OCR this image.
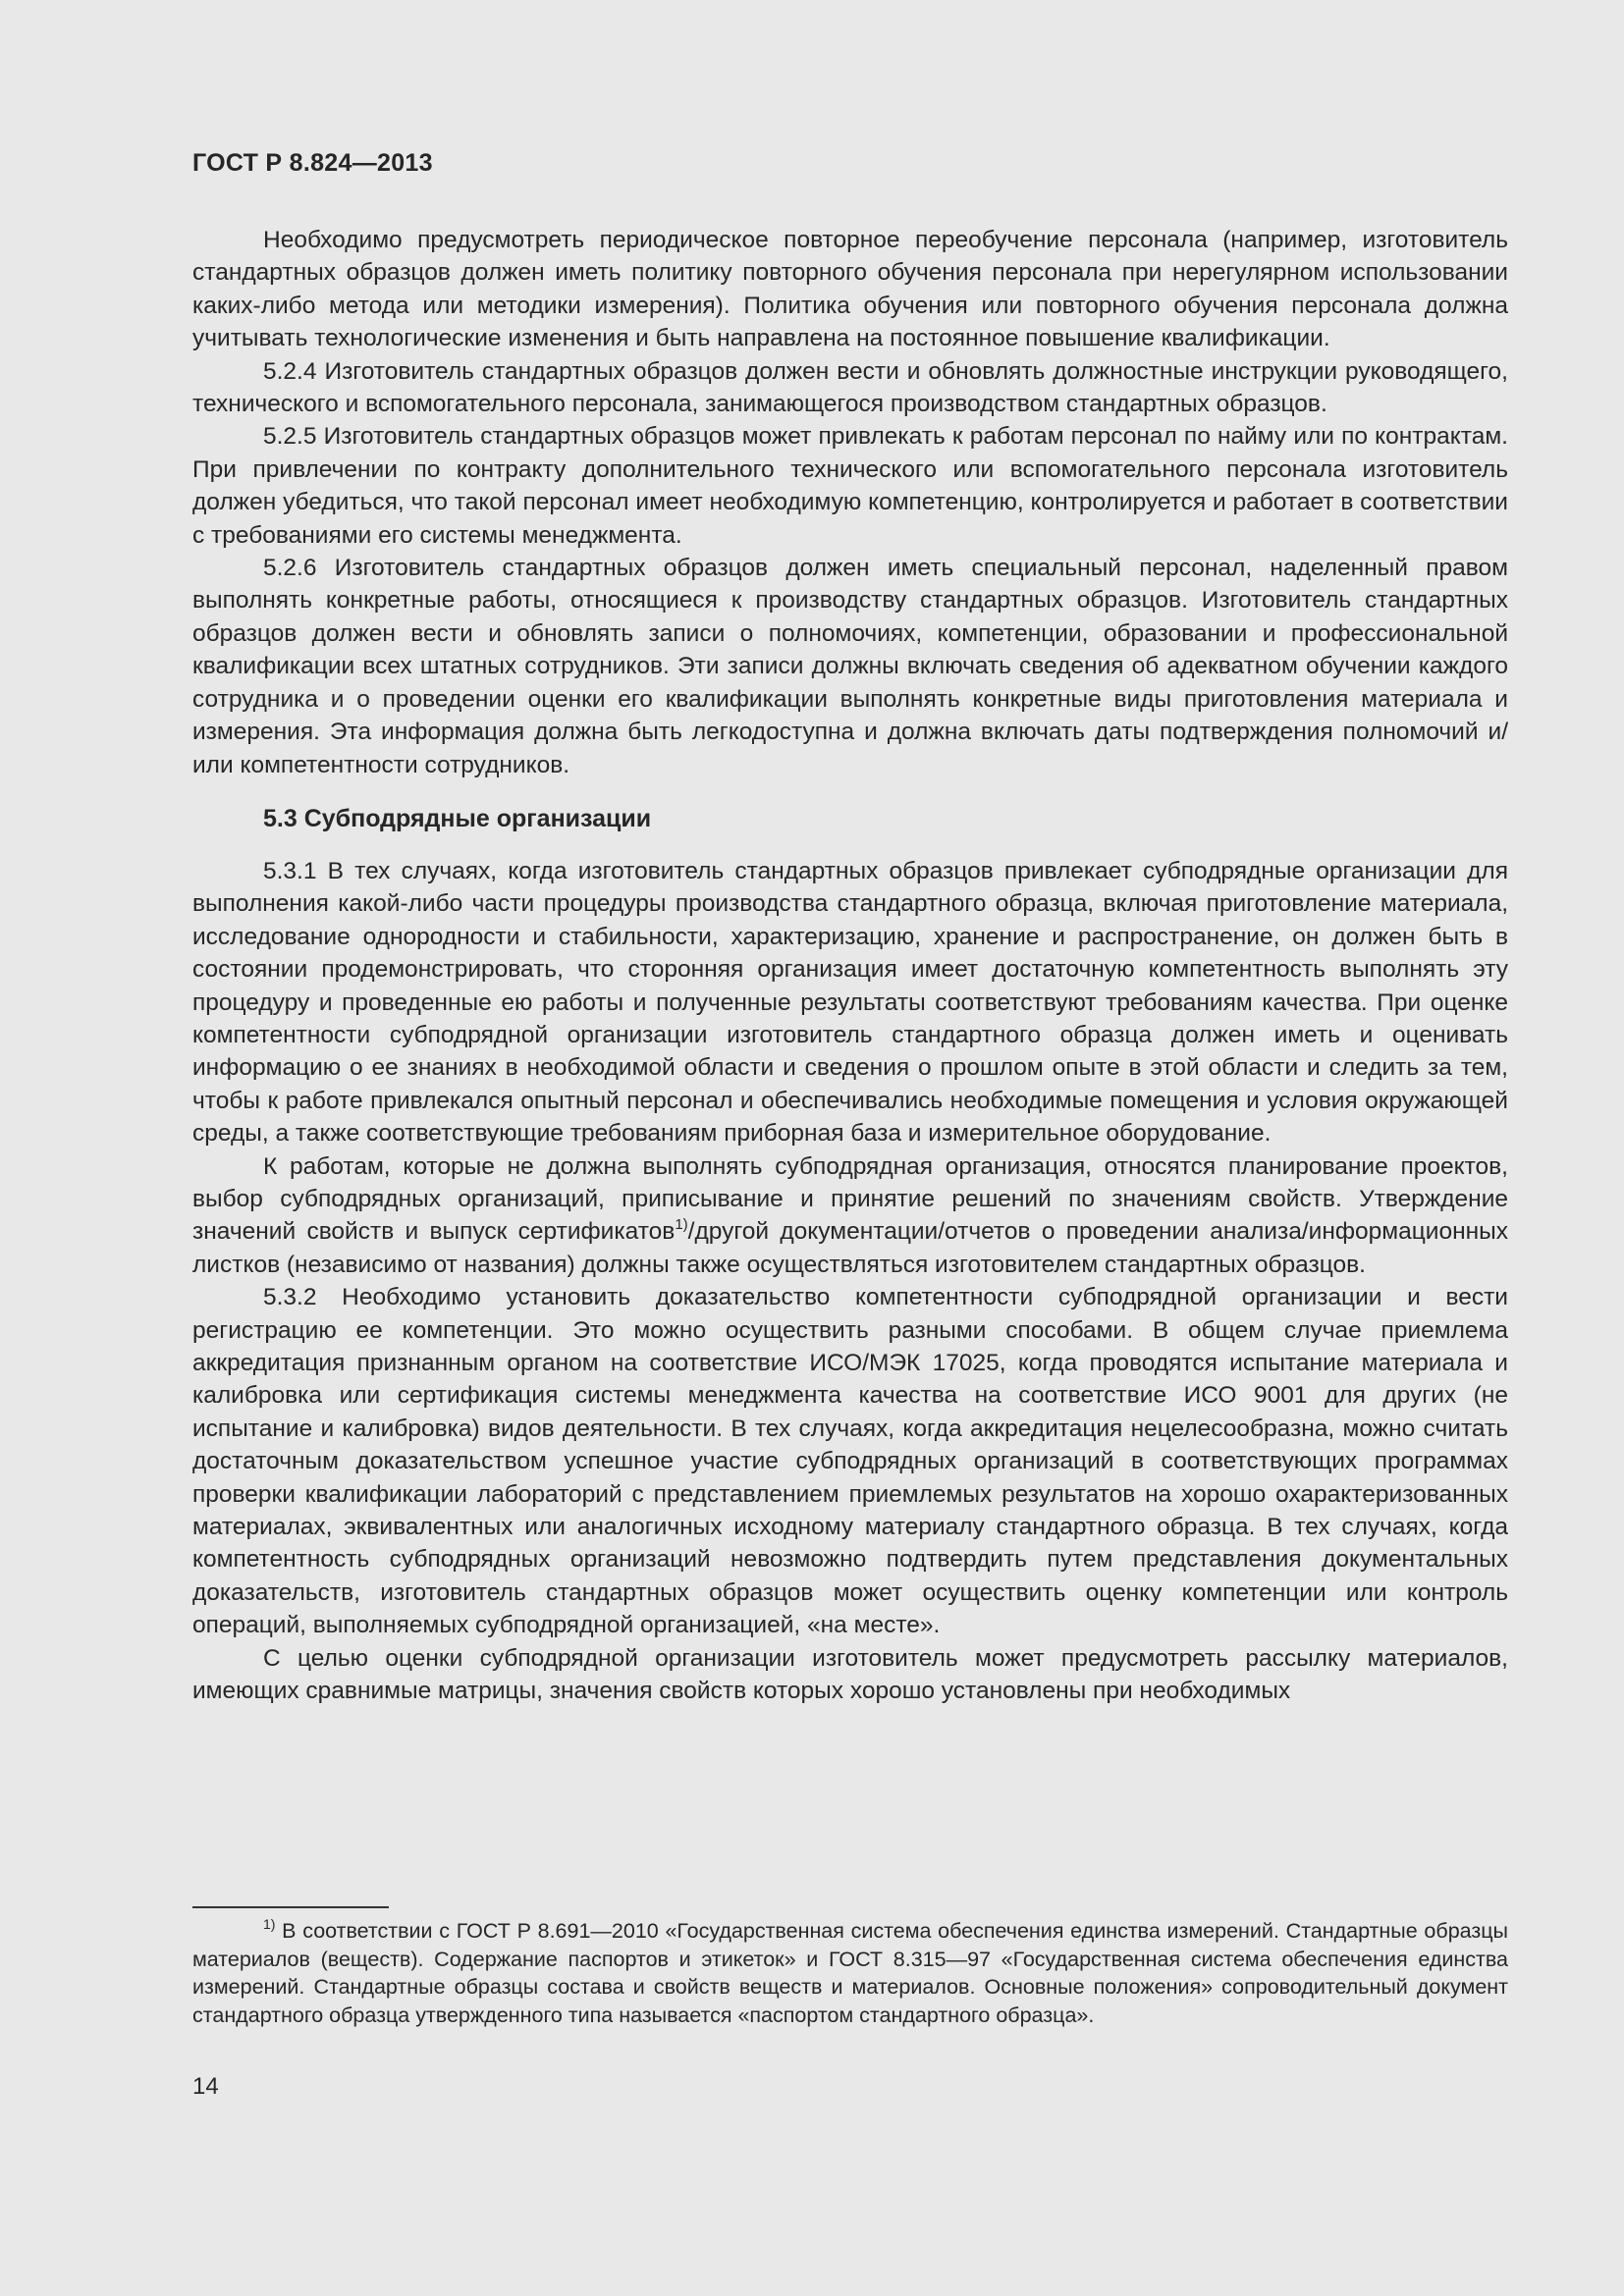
ГОСТ Р 8.824—2013

Необходимо предусмотреть периодическое повторное переобучение персонала (например, изготовитель стандартных образцов должен иметь политику повторного обучения персонала при нерегулярном использовании каких-либо метода или методики измерения). Политика обучения или повторного обучения персонала должна учитывать технологические изменения и быть направлена на постоянное повышение квалификации.

5.2.4 Изготовитель стандартных образцов должен вести и обновлять должностные инструкции руководящего, технического и вспомогательного персонала, занимающегося производством стандартных образцов.

5.2.5 Изготовитель стандартных образцов может привлекать к работам персонал по найму или по контрактам. При привлечении по контракту дополнительного технического или вспомогательного персонала изготовитель должен убедиться, что такой персонал имеет необходимую компетенцию, контролируется и работает в соответствии с требованиями его системы менеджмента.

5.2.6 Изготовитель стандартных образцов должен иметь специальный персонал, наделенный правом выполнять конкретные работы, относящиеся к производству стандартных образцов. Изготовитель стандартных образцов должен вести и обновлять записи о полномочиях, компетенции, образовании и профессиональной квалификации всех штатных сотрудников. Эти записи должны включать сведения об адекватном обучении каждого сотрудника и о проведении оценки его квалификации выполнять конкретные виды приготовления материала и измерения. Эта информация должна быть легкодоступна и должна включать даты подтверждения полномочий и/или компетентности сотрудников.

5.3 Субподрядные организации

5.3.1 В тех случаях, когда изготовитель стандартных образцов привлекает субподрядные организации для выполнения какой-либо части процедуры производства стандартного образца, включая приготовление материала, исследование однородности и стабильности, характеризацию, хранение и распространение, он должен быть в состоянии продемонстрировать, что сторонняя организация имеет достаточную компетентность выполнять эту процедуру и проведенные ею работы и полученные результаты соответствуют требованиям качества. При оценке компетентности субподрядной организации изготовитель стандартного образца должен иметь и оценивать информацию о ее знаниях в необходимой области и сведения о прошлом опыте в этой области и следить за тем, чтобы к работе привлекался опытный персонал и обеспечивались необходимые помещения и условия окружающей среды, а также соответствующие требованиям приборная база и измерительное оборудование.

К работам, которые не должна выполнять субподрядная организация, относятся планирование проектов, выбор субподрядных организаций, приписывание и принятие решений по значениям свойств. Утверждение значений свойств и выпуск сертификатов$^{1)}$/другой документации/отчетов о проведении анализа/информационных листков (независимо от названия) должны также осуществляться изготовителем стандартных образцов.

5.3.2 Необходимо установить доказательство компетентности субподрядной организации и вести регистрацию ее компетенции. Это можно осуществить разными способами. В общем случае приемлема аккредитация признанным органом на соответствие ИСО/МЭК 17025, когда проводятся испытание материала и калибровка или сертификация системы менеджмента качества на соответствие ИСО 9001 для других (не испытание и калибровка) видов деятельности. В тех случаях, когда аккредитация нецелесообразна, можно считать достаточным доказательством успешное участие субподрядных организаций в соответствующих программах проверки квалификации лабораторий с представлением приемлемых результатов на хорошо охарактеризованных материалах, эквивалентных или аналогичных исходному материалу стандартного образца. В тех случаях, когда компетентность субподрядных организаций невозможно подтвердить путем представления документальных доказательств, изготовитель стандартных образцов может осуществить оценку компетенции или контроль операций, выполняемых субподрядной организацией, «на месте».

С целью оценки субподрядной организации изготовитель может предусмотреть рассылку материалов, имеющих сравнимые матрицы, значения свойств которых хорошо установлены при необходимых

$^{1)}$ В соответствии с ГОСТ Р 8.691—2010 «Государственная система обеспечения единства измерений. Стандартные образцы материалов (веществ). Содержание паспортов и этикеток» и ГОСТ 8.315—97 «Государственная система обеспечения единства измерений. Стандартные образцы состава и свойств веществ и материалов. Основные положения» сопроводительный документ стандартного образца утвержденного типа называется «паспортом стандартного образца».

14
